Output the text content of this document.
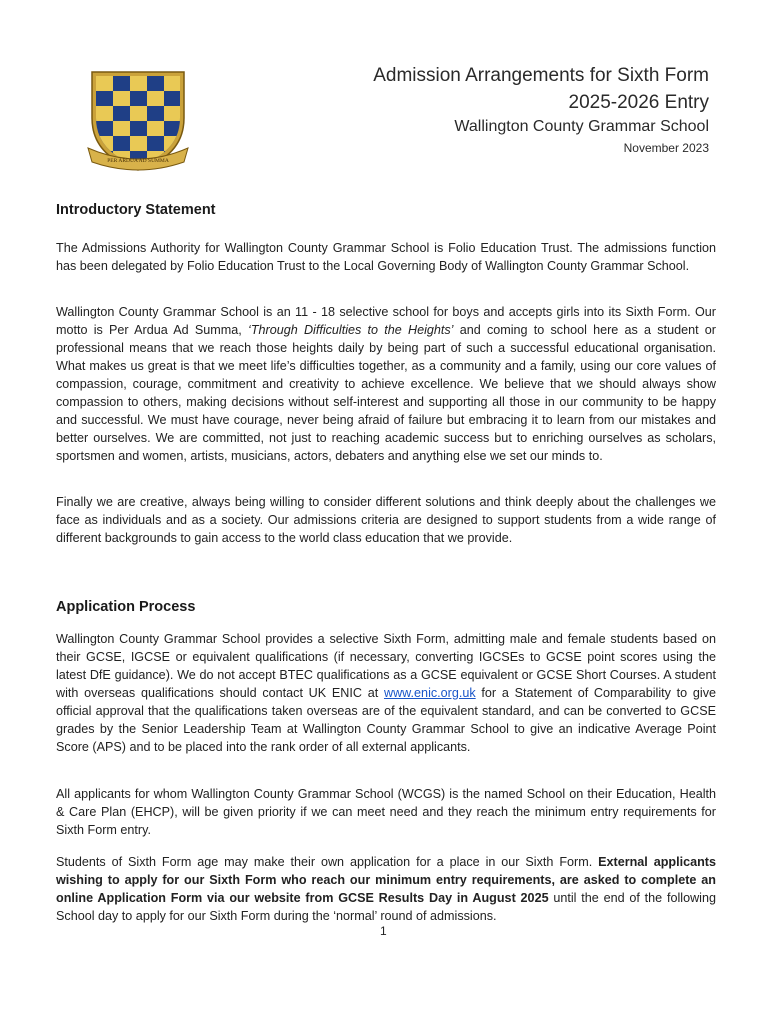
PER ARDUA AD SUMMA
Admission Arrangements for Sixth Form
2025-2026 Entry
Wallington County Grammar School
November 2023
Introductory Statement
The Admissions Authority for Wallington County Grammar School is Folio Education Trust. The admissions function has been delegated by Folio Education Trust to the Local Governing Body of Wallington County Grammar School.
Wallington County Grammar School is an 11 - 18 selective school for boys and accepts girls into its Sixth Form. Our motto is Per Ardua Ad Summa, ‘Through Difficulties to the Heights’ and coming to school here as a student or professional means that we reach those heights daily by being part of such a successful educational organisation. What makes us great is that we meet life’s difficulties together, as a community and a family, using our core values of compassion, courage, commitment and creativity to achieve excellence. We believe that we should always show compassion to others, making decisions without self-interest and supporting all those in our community to be happy and successful. We must have courage, never being afraid of failure but embracing it to learn from our mistakes and better ourselves. We are committed, not just to reaching academic success but to enriching ourselves as scholars, sportsmen and women, artists, musicians, actors, debaters and anything else we set our minds to.
Finally we are creative, always being willing to consider different solutions and think deeply about the challenges we face as individuals and as a society. Our admissions criteria are designed to support students from a wide range of different backgrounds to gain access to the world class education that we provide.
Application Process
Wallington County Grammar School provides a selective Sixth Form, admitting male and female students based on their GCSE, IGCSE or equivalent qualifications (if necessary, converting IGCSEs to GCSE point scores using the latest DfE guidance). We do not accept BTEC qualifications as a GCSE equivalent or GCSE Short Courses. A student with overseas qualifications should contact UK ENIC at www.enic.org.uk for a Statement of Comparability to give official approval that the qualifications taken overseas are of the equivalent standard, and can be converted to GCSE grades by the Senior Leadership Team at Wallington County Grammar School to give an indicative Average Point Score (APS) and to be placed into the rank order of all external applicants.
All applicants for whom Wallington County Grammar School (WCGS) is the named School on their Education, Health & Care Plan (EHCP), will be given priority if we can meet need and they reach the minimum entry requirements for Sixth Form entry.
Students of Sixth Form age may make their own application for a place in our Sixth Form. External applicants wishing to apply for our Sixth Form who reach our minimum entry requirements, are asked to complete an online Application Form via our website from GCSE Results Day in August 2025 until the end of the following School day to apply for our Sixth Form during the ‘normal’ round of admissions.
1
